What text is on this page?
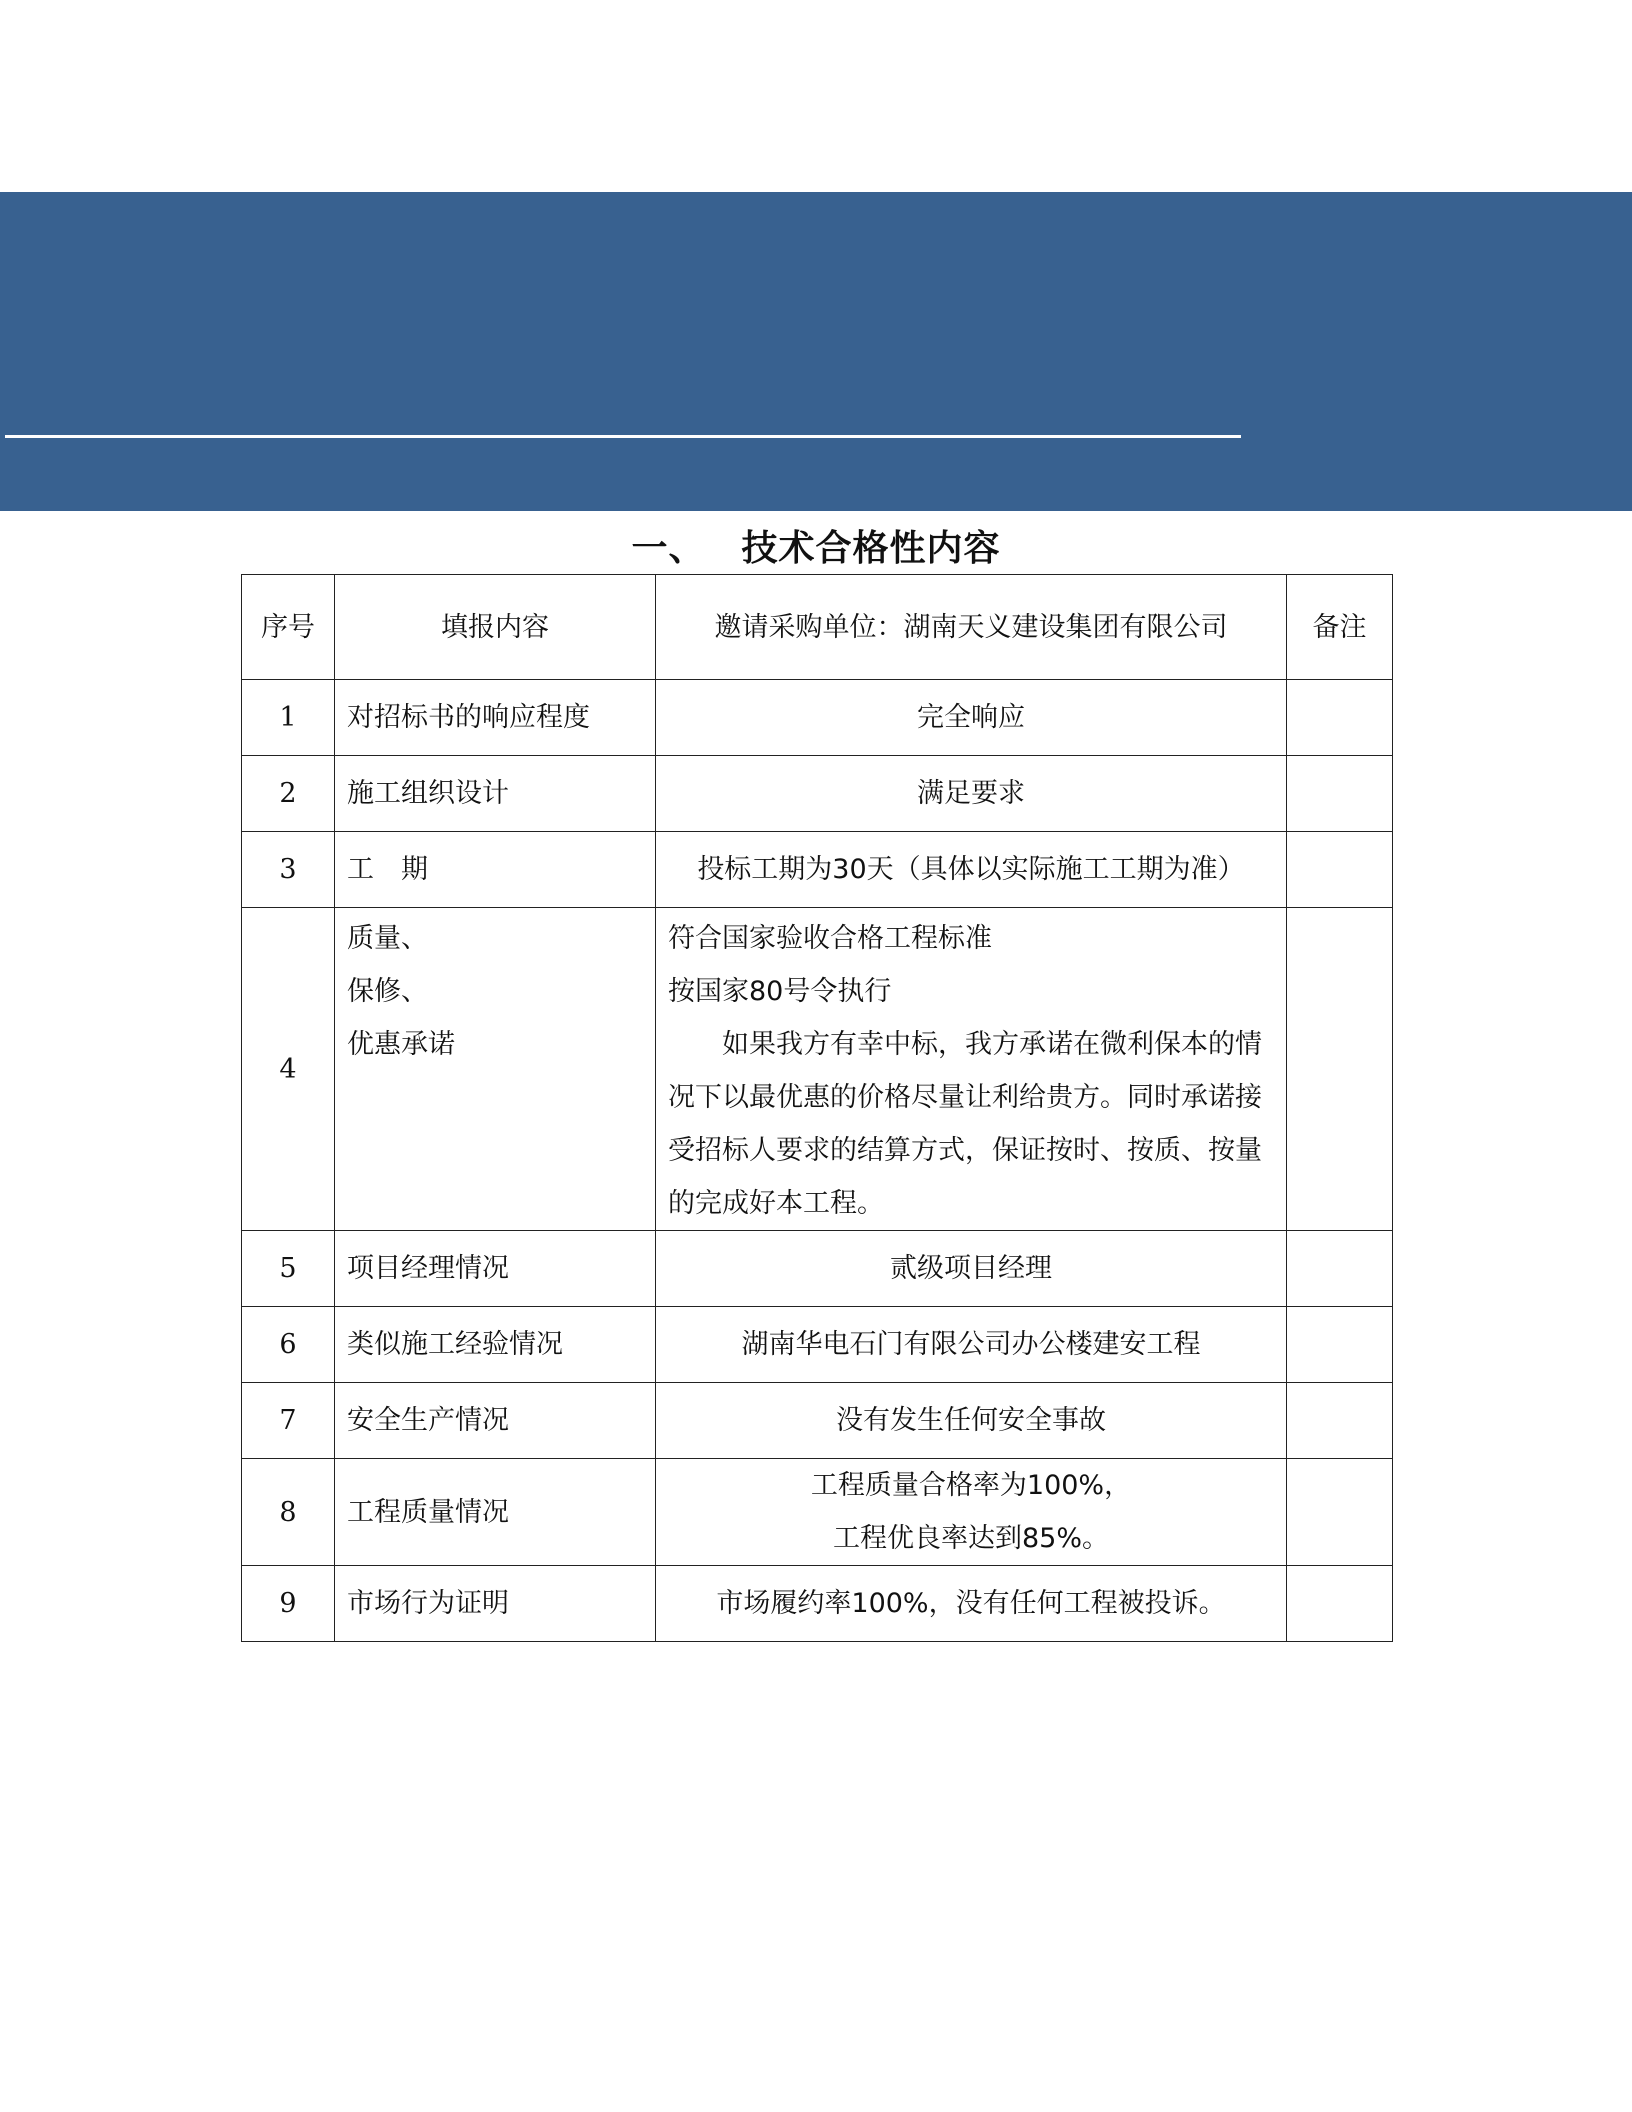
一、 技术合格性内容
序号	填报内容	邀请采购单位：湖南天义建设集团有限公司	备注
1	对招标书的响应程度	完全响应	
2	施工组织设计	满足要求	
3	工　期	投标工期为30天（具体以实际施工工期为准）	
4	质量、
保修、
优惠承诺	符合国家验收合格工程标准
按国家80号令执行
如果我方有幸中标，我方承诺在微利保本的情况下以最优惠的价格尽量让利给贵方。同时承诺接受招标人要求的结算方式，保证按时、按质、按量的完成好本工程。	

5	项目经理情况	贰级项目经理	
6	类似施工经验情况	湖南华电石门有限公司办公楼建安工程	
7	安全生产情况	没有发生任何安全事故	
8	工程质量情况	工程质量合格率为100%，
工程优良率达到85%。	

9	市场行为证明	市场履约率100%，没有任何工程被投诉。	
